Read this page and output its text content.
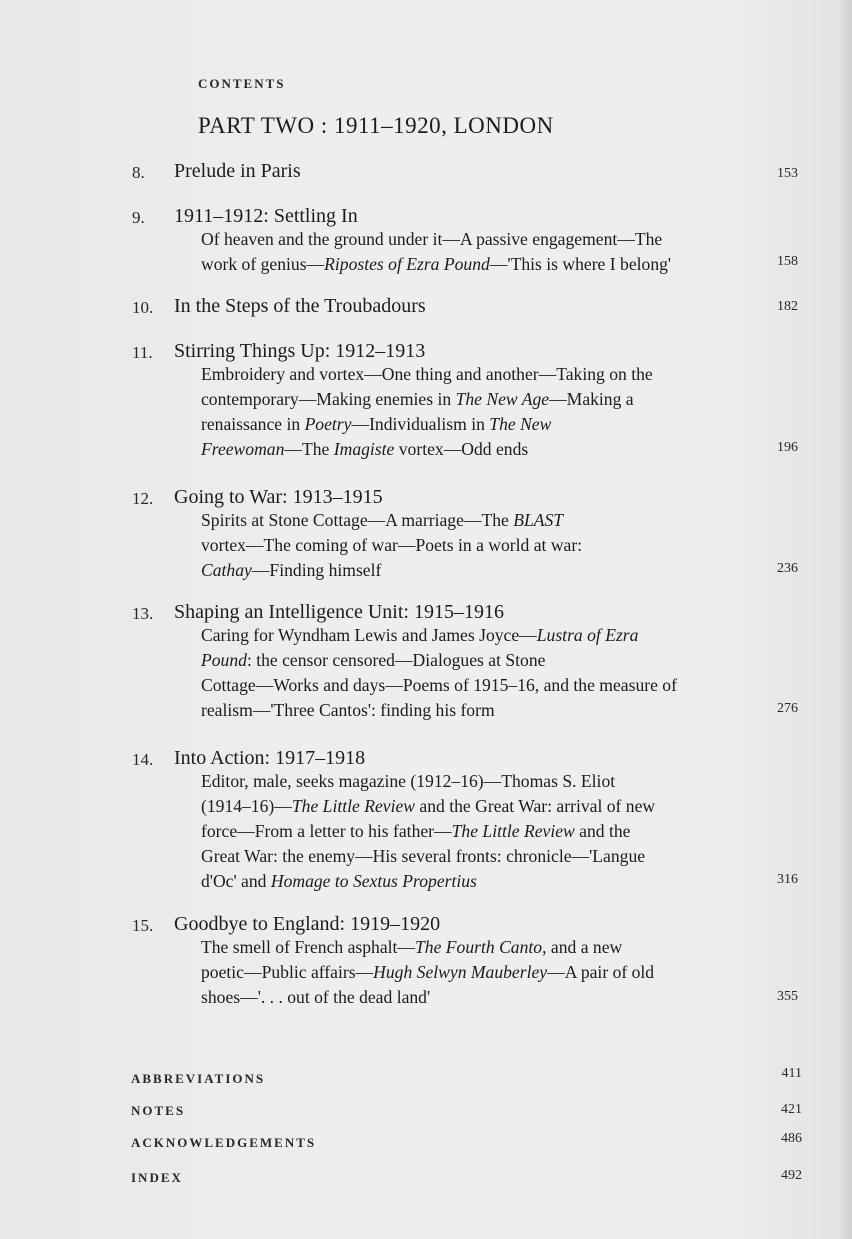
CONTENTS
PART TWO : 1911–1920, LONDON
8. Prelude in Paris	153
9. 1911–1912: Settling In
Of heaven and the ground under it—A passive engagement—The
work of genius—Ripostes of Ezra Pound—'This is where I belong'	158
10. In the Steps of the Troubadours	182
11. Stirring Things Up: 1912–1913
Embroidery and vortex—One thing and another—Taking on the
contemporary—Making enemies in The New Age—Making a
renaissance in Poetry—Individualism in The New
Freewoman—The Imagiste vortex—Odd ends	196
12. Going to War: 1913–1915
Spirits at Stone Cottage—A marriage—The BLAST
vortex—The coming of war—Poets in a world at war:
Cathay—Finding himself	236
13. Shaping an Intelligence Unit: 1915–1916
Caring for Wyndham Lewis and James Joyce—Lustra of Ezra
Pound: the censor censored—Dialogues at Stone
Cottage—Works and days—Poems of 1915–16, and the measure of
realism—'Three Cantos': finding his form	276
14. Into Action: 1917–1918
Editor, male, seeks magazine (1912–16)—Thomas S. Eliot
(1914–16)—The Little Review and the Great War: arrival of new
force—From a letter to his father—The Little Review and the
Great War: the enemy—His several fronts: chronicle—'Langue
d'Oc' and Homage to Sextus Propertius	316
15. Goodbye to England: 1919–1920
The smell of French asphalt—The Fourth Canto, and a new
poetic—Public affairs—Hugh Selwyn Mauberley—A pair of old
shoes—'. . . out of the dead land'	355
ABBREVIATIONS	411
NOTES	421
ACKNOWLEDGEMENTS	486
INDEX	492
